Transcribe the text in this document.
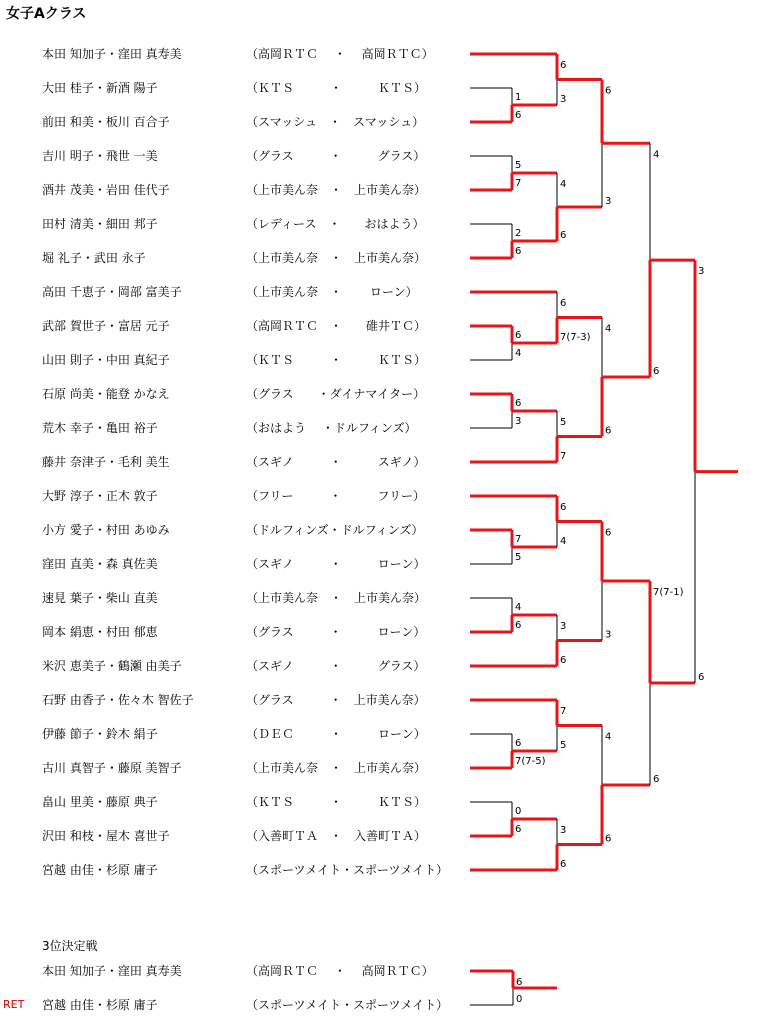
女子Aクラス
本田 知加子・窪田 真寿美	（高岡ＲＴＣ　 ・　 高岡ＲＴＣ）
大田 桂子・新酒 陽子	（ＫＴＳ　　　・　　　ＫＴＳ）
前田 和美・板川 百合子	（スマッシュ　・　スマッシュ）
吉川 明子・飛世 一美	（グラス　　　・　　　グラス）
酒井 茂美・岩田 佳代子	（上市美ん奈　・　上市美ん奈）
田村 清美・細田 邦子	（レディース　・　　おはよう）
堀 礼子・武田 永子	（上市美ん奈　・　上市美ん奈）
高田 千恵子・岡部 富美子	（上市美ん奈　・　　 ローン）
武部 賀世子・富居 元子	（高岡ＲＴＣ　・　　碓井ＴＣ）
山田 則子・中田 真紀子	（ＫＴＳ　　　・　　　ＫＴＳ）
石原 尚美・能登 かなえ	（グラス　　・ダイナマイター）
荒木 幸子・亀田 裕子	（おはよう　 ・ドルフィンズ）
藤井 奈津子・毛利 美生	（スギノ　　　・　　　スギノ）
大野 淳子・正木 敦子	（フリー　　　・　　　フリー）
小方 愛子・村田 あゆみ	（ドルフィンズ・ドルフィンズ）
窪田 直美・森 真佐美	（スギノ　　　・　　　ローン）
速見 葉子・柴山 直美	（上市美ん奈　・　上市美ん奈）
岡本 絹恵・村田 郁恵	（グラス　　　・　　　ローン）
米沢 恵美子・鶴瀬 由美子	（スギノ　　　・　　　グラス）
石野 由香子・佐々木 智佐子	（グラス　　　・　上市美ん奈）
伊藤 節子・鈴木 絹子	（ＤＥＣ　　　・　　　ローン）
古川 真智子・藤原 美智子	（上市美ん奈　・　上市美ん奈）
畠山 里美・藤原 典子	（ＫＴＳ　　　・　　　ＫＴＳ）
沢田 和枝・屋木 喜世子	（入善町ＴＡ　・　入善町ＴＡ）
宮越 由佳・杉原 庸子	（スポーツメイト・スポーツメイト）
3位決定戦
本田 知加子・窪田 真寿美	（高岡ＲＴＣ　 ・　 高岡ＲＴＣ）
RET 宮越 由佳・杉原 庸子	（スポーツメイト・スポーツメイト）
1
6
5
7
2
6
6
4
6
3
7
5
4
6
6
7(7-5)
0
6
6
3
4
6
6
7(7-3)
5
7
6
4
3
6
7
5
3
6
6
3
4
6
6
3
4
6
4
6
7(7-1)
6
3
6
6
0
